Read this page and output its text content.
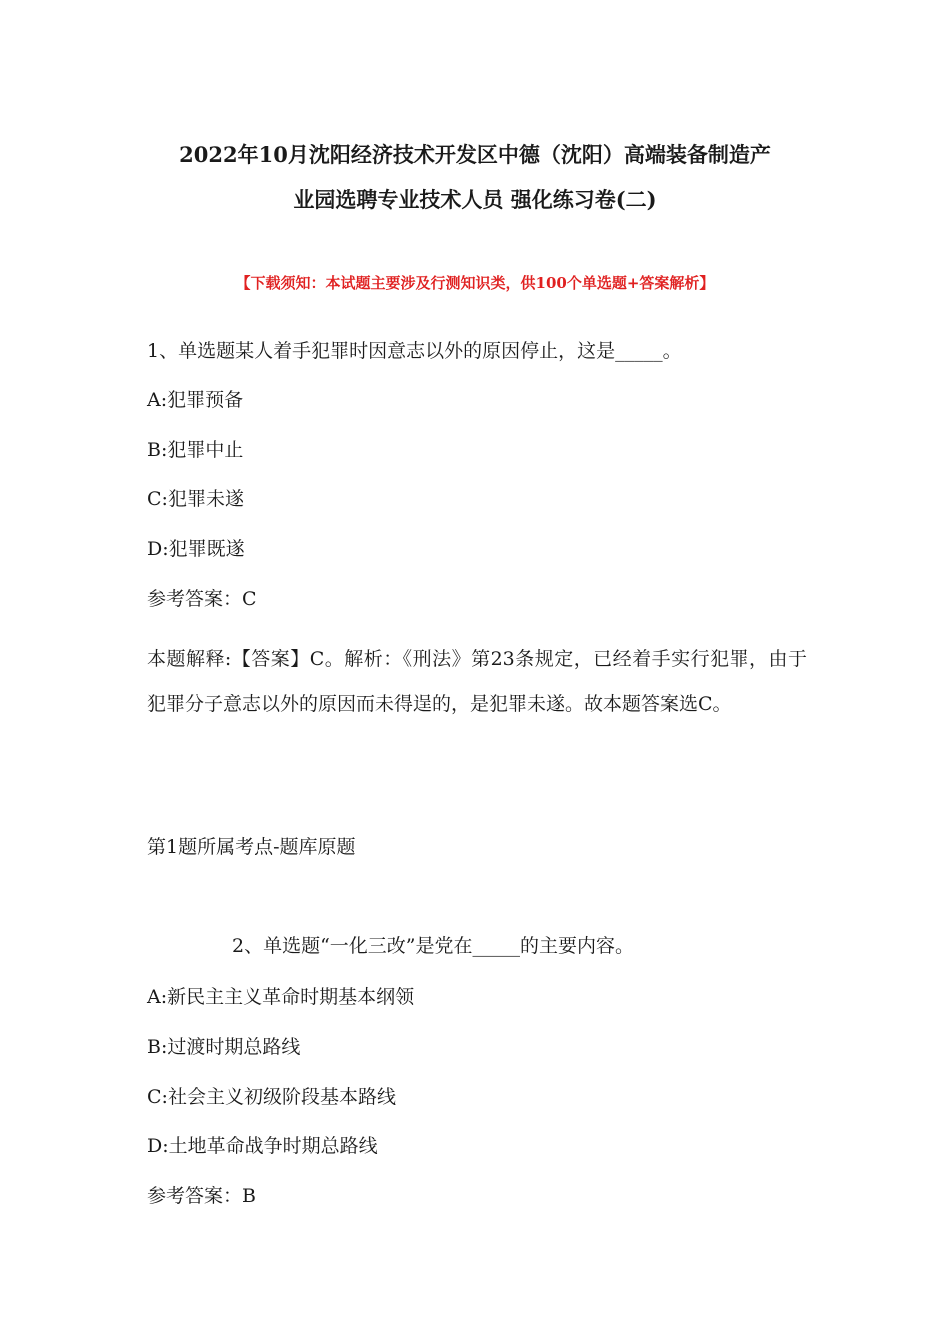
2022年10月沈阳经济技术开发区中德（沈阳）高端装备制造产
业园选聘专业技术人员 强化练习卷(二)
【下载须知：本试题主要涉及行测知识类，供100个单选题+答案解析】
1、单选题某人着手犯罪时因意志以外的原因停止，这是_____。
A:犯罪预备
B:犯罪中止
C:犯罪未遂
D:犯罪既遂
参考答案：C
本题解释:【答案】C。解析：《刑法》第23条规定，已经着手实行犯罪，由于犯罪分子意志以外的原因而未得逞的，是犯罪未遂。故本题答案选C。
第1题所属考点-题库原题
2、单选题“一化三改”是党在_____的主要内容。
A:新民主主义革命时期基本纲领
B:过渡时期总路线
C:社会主义初级阶段基本路线
D:土地革命战争时期总路线
参考答案：B
